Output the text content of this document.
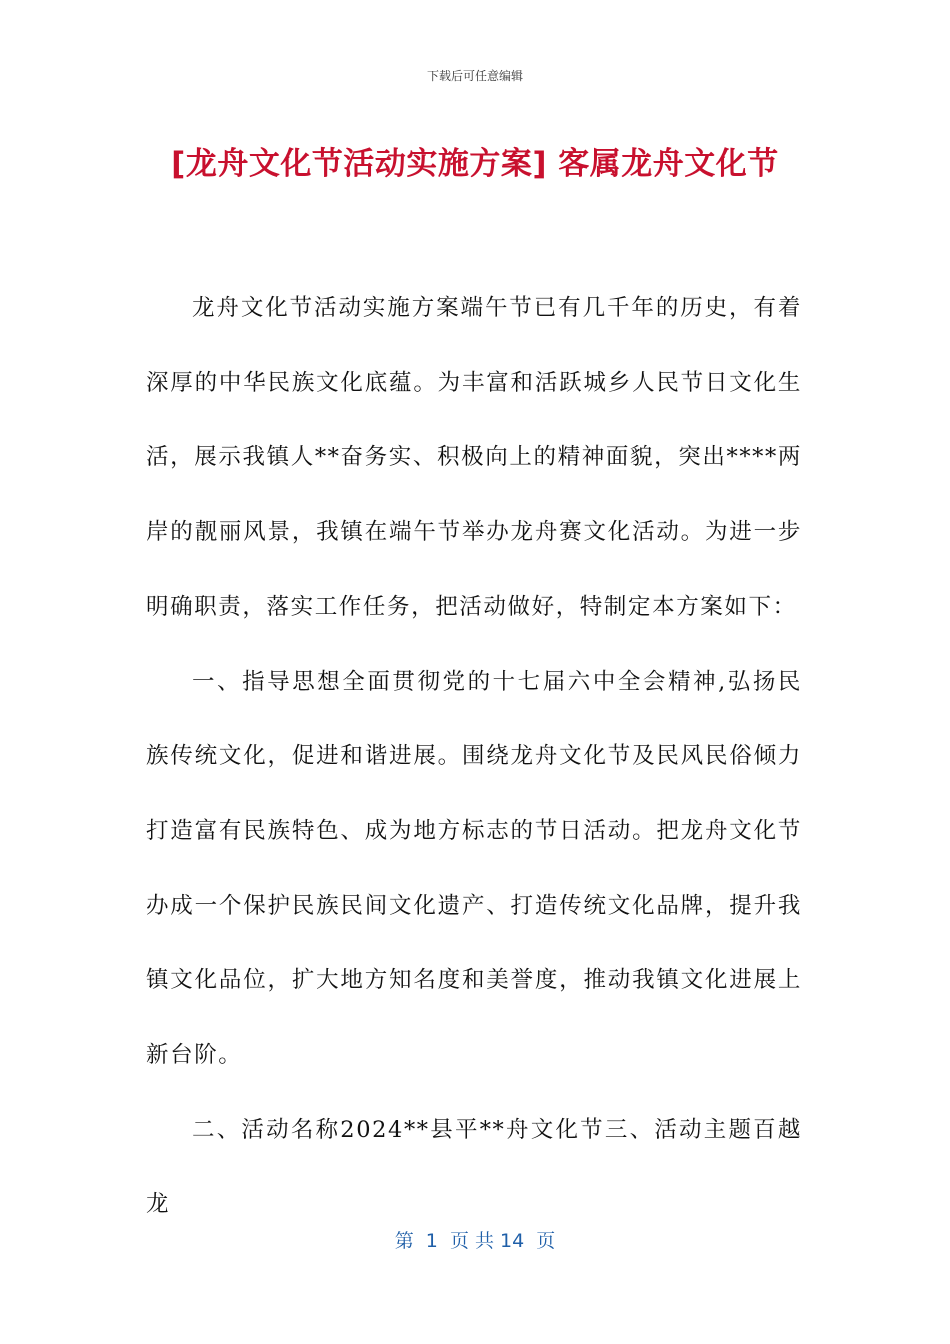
下载后可任意编辑
[龙舟文化节活动实施方案] 客属龙舟文化节

龙舟文化节活动实施方案端午节已有几千年的历史，有着深厚的中华民族文化底蕴。为丰富和活跃城乡人民节日文化生活，展示我镇人**奋务实、积极向上的精神面貌，突出****两岸的靓丽风景，我镇在端午节举办龙舟赛文化活动。为进一步明确职责，落实工作任务，把活动做好，特制定本方案如下：

一、指导思想全面贯彻党的十七届六中全会精神,弘扬民族传统文化，促进和谐进展。围绕龙舟文化节及民风民俗倾力打造富有民族特色、成为地方标志的节日活动。把龙舟文化节办成一个保护民族民间文化遗产、打造传统文化品牌，提升我镇文化品位，扩大地方知名度和美誉度，推动我镇文化进展上新台阶。

二、活动名称2024**县平**舟文化节三、活动主题百越龙

第  1  页 共 14  页
